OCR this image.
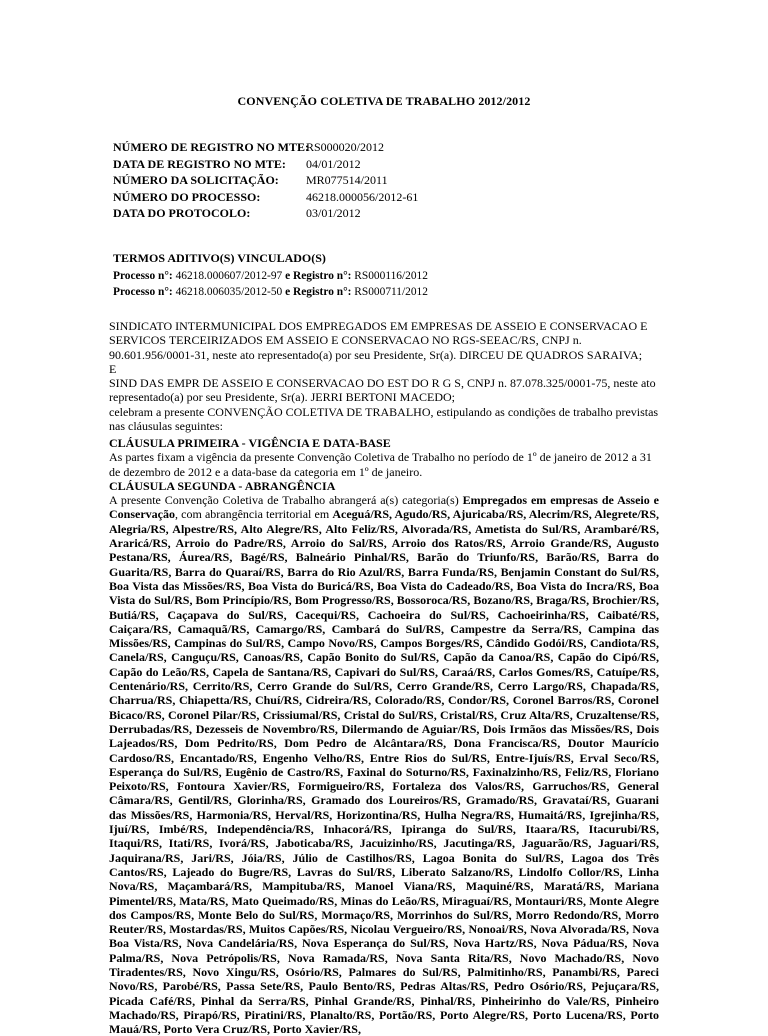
CONVENÇÃO COLETIVA DE TRABALHO 2012/2012
NÚMERO DE REGISTRO NO MTE:
RS000020/2012
DATA DE REGISTRO NO MTE:	04/01/2012
NÚMERO DA SOLICITAÇÃO:	MR077514/2011
NÚMERO DO PROCESSO:	46218.000056/2012-61
DATA DO PROTOCOLO:	03/01/2012
TERMOS ADITIVO(S) VINCULADO(S)
Processo n°: 46218.000607/2012-97 e Registro n°: RS000116/2012
Processo n°: 46218.006035/2012-50 e Registro n°: RS000711/2012

SINDICATO INTERMUNICIPAL DOS EMPREGADOS EM EMPRESAS DE ASSEIO E CONSERVACAO E SERVICOS TERCEIRIZADOS EM ASSEIO E CONSERVACAO NO RGS-SEEAC/RS, CNPJ n. 90.601.956/0001-31, neste ato representado(a) por seu Presidente, Sr(a). DIRCEU DE QUADROS SARAIVA;

E

SIND DAS EMPR DE ASSEIO E CONSERVACAO DO EST DO R G S, CNPJ n. 87.078.325/0001-75, neste ato representado(a) por seu Presidente, Sr(a). JERRI BERTONI MACEDO;

celebram a presente CONVENÇÃO COLETIVA DE TRABALHO, estipulando as condições de trabalho previstas nas cláusulas seguintes:

CLÁUSULA PRIMEIRA - VIGÊNCIA E DATA-BASE

As partes fixam a vigência da presente Convenção Coletiva de Trabalho no período de 1º de janeiro de 2012 a 31 de dezembro de 2012 e a data-base da categoria em 1º de janeiro.

CLÁUSULA SEGUNDA - ABRANGÊNCIA

A presente Convenção Coletiva de Trabalho abrangerá a(s) categoria(s) Empregados em empresas de Asseio e Conservação, com abrangência territorial em Aceguá/RS, Agudo/RS, Ajuricaba/RS, Alecrim/RS, Alegrete/RS, Alegria/RS, Alpestre/RS, Alto Alegre/RS, Alto Feliz/RS, Alvorada/RS, Ametista do Sul/RS, Arambaré/RS, Araricá/RS, Arroio do Padre/RS, Arroio do Sal/RS, Arroio dos Ratos/RS, Arroio Grande/RS, Augusto Pestana/RS, Áurea/RS, Bagé/RS, Balneário Pinhal/RS, Barão do Triunfo/RS, Barão/RS, Barra do Guarita/RS, Barra do Quaraí/RS, Barra do Rio Azul/RS, Barra Funda/RS, Benjamin Constant do Sul/RS, Boa Vista das Missões/RS, Boa Vista do Buricá/RS, Boa Vista do Cadeado/RS, Boa Vista do Incra/RS, Boa Vista do Sul/RS, Bom Princípio/RS, Bom Progresso/RS, Bossoroca/RS, Bozano/RS, Braga/RS, Brochier/RS, Butiá/RS, Caçapava do Sul/RS, Cacequi/RS, Cachoeira do Sul/RS, Cachoeirinha/RS, Caibaté/RS, Caiçara/RS, Camaquã/RS, Camargo/RS, Cambará do Sul/RS, Campestre da Serra/RS, Campina das Missões/RS, Campinas do Sul/RS, Campo Novo/RS, Campos Borges/RS, Cândido Godói/RS, Candiota/RS, Canela/RS, Canguçu/RS, Canoas/RS, Capão Bonito do Sul/RS, Capão da Canoa/RS, Capão do Cipó/RS, Capão do Leão/RS, Capela de Santana/RS, Capivari do Sul/RS, Caraá/RS, Carlos Gomes/RS, Catuípe/RS, Centenário/RS, Cerrito/RS, Cerro Grande do Sul/RS, Cerro Grande/RS, Cerro Largo/RS, Chapada/RS, Charrua/RS, Chiapetta/RS, Chuí/RS, Cidreira/RS, Colorado/RS, Condor/RS, Coronel Barros/RS, Coronel Bicaco/RS, Coronel Pilar/RS, Crissiumal/RS, Cristal do Sul/RS, Cristal/RS, Cruz Alta/RS, Cruzaltense/RS, Derrubadas/RS, Dezesseis de Novembro/RS, Dilermando de Aguiar/RS, Dois Irmãos das Missões/RS, Dois Lajeados/RS, Dom Pedrito/RS, Dom Pedro de Alcântara/RS, Dona Francisca/RS, Doutor Maurício Cardoso/RS, Encantado/RS, Engenho Velho/RS, Entre Rios do Sul/RS, Entre-Ijuís/RS, Erval Seco/RS, Esperança do Sul/RS, Eugênio de Castro/RS, Faxinal do Soturno/RS, Faxinalzinho/RS, Feliz/RS, Floriano Peixoto/RS, Fontoura Xavier/RS, Formigueiro/RS, Fortaleza dos Valos/RS, Garruchos/RS, General Câmara/RS, Gentil/RS, Glorinha/RS, Gramado dos Loureiros/RS, Gramado/RS, Gravataí/RS, Guarani das Missões/RS, Harmonia/RS, Herval/RS, Horizontina/RS, Hulha Negra/RS, Humaitá/RS, Igrejinha/RS, Ijuí/RS, Imbé/RS, Independência/RS, Inhacorá/RS, Ipiranga do Sul/RS, Itaara/RS, Itacurubi/RS, Itaqui/RS, Itati/RS, Ivorá/RS, Jaboticaba/RS, Jacuizinho/RS, Jacutinga/RS, Jaguarão/RS, Jaguari/RS, Jaquirana/RS, Jari/RS, Jóia/RS, Júlio de Castilhos/RS, Lagoa Bonita do Sul/RS, Lagoa dos Três Cantos/RS, Lajeado do Bugre/RS, Lavras do Sul/RS, Liberato Salzano/RS, Lindolfo Collor/RS, Linha Nova/RS, Maçambará/RS, Mampituba/RS, Manoel Viana/RS, Maquiné/RS, Maratá/RS, Mariana Pimentel/RS, Mata/RS, Mato Queimado/RS, Minas do Leão/RS, Miraguaí/RS, Montauri/RS, Monte Alegre dos Campos/RS, Monte Belo do Sul/RS, Mormaço/RS, Morrinhos do Sul/RS, Morro Redondo/RS, Morro Reuter/RS, Mostardas/RS, Muitos Capões/RS, Nicolau Vergueiro/RS, Nonoai/RS, Nova Alvorada/RS, Nova Boa Vista/RS, Nova Candelária/RS, Nova Esperança do Sul/RS, Nova Hartz/RS, Nova Pádua/RS, Nova Palma/RS, Nova Petrópolis/RS, Nova Ramada/RS, Nova Santa Rita/RS, Novo Machado/RS, Novo Tiradentes/RS, Novo Xingu/RS, Osório/RS, Palmares do Sul/RS, Palmitinho/RS, Panambi/RS, Pareci Novo/RS, Parobé/RS, Passa Sete/RS, Paulo Bento/RS, Pedras Altas/RS, Pedro Osório/RS, Pejuçara/RS, Picada Café/RS, Pinhal da Serra/RS, Pinhal Grande/RS, Pinhal/RS, Pinheirinho do Vale/RS, Pinheiro Machado/RS, Pirapó/RS, Piratini/RS, Planalto/RS, Portão/RS, Porto Alegre/RS, Porto Lucena/RS, Porto Mauá/RS, Porto Vera Cruz/RS, Porto Xavier/RS,
